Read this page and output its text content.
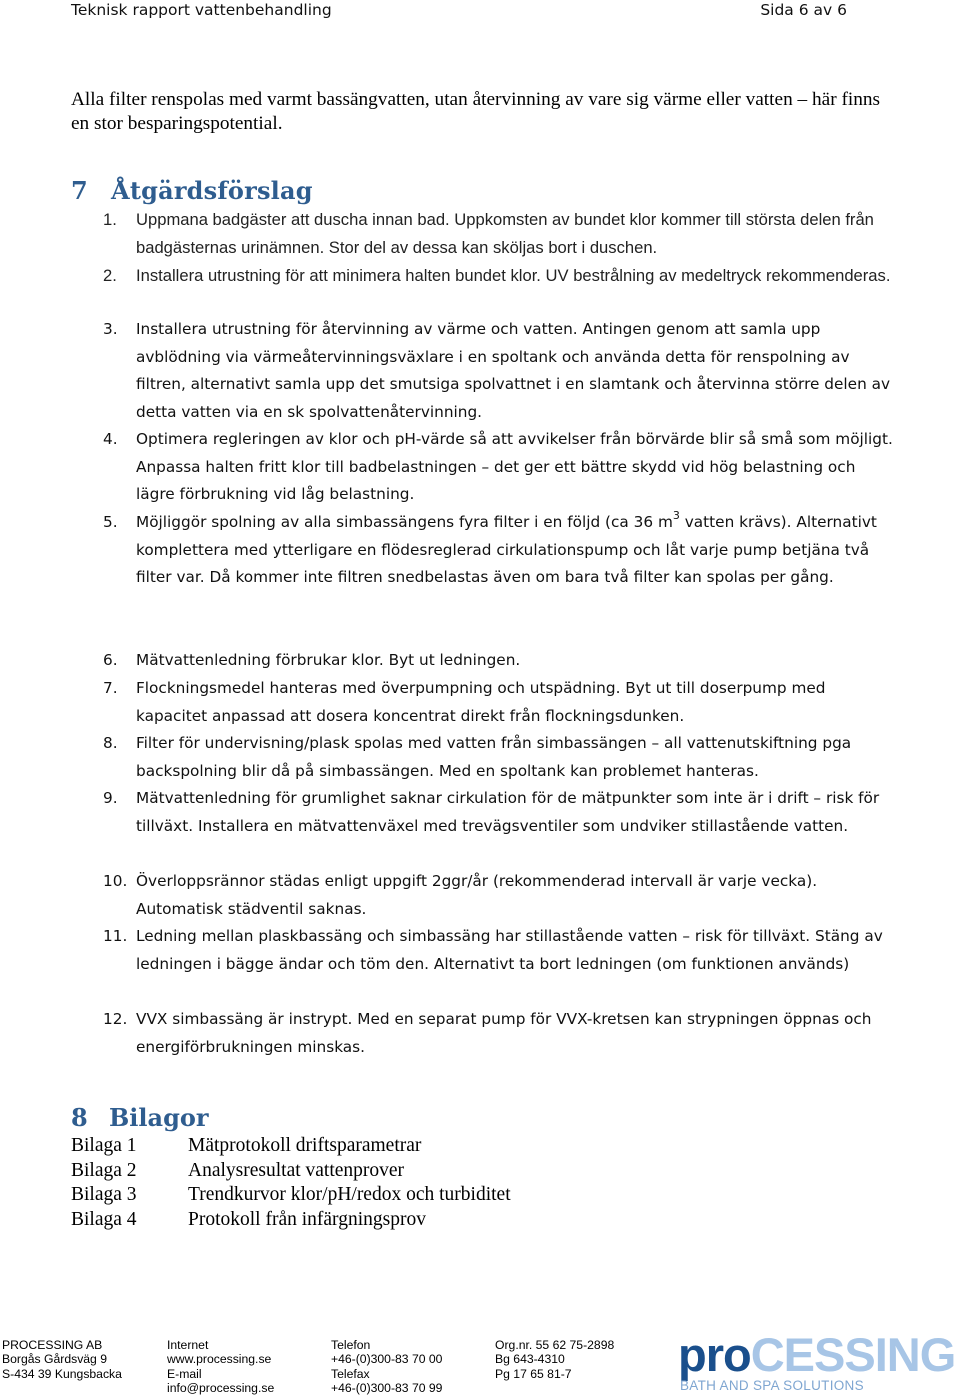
Teknisk rapport vattenbehandling	Sida 6 av 6

Alla filter renspolas med varmt bassängvatten, utan återvinning av vare sig värme eller vatten – här finns en stor besparingspotential.

7 Åtgärdsförslag
1.	Uppmana badgäster att duscha innan bad. Uppkomsten av bundet klor kommer till största delen från badgästernas urinämnen. Stor del av dessa kan sköljas bort i duschen.
2.	Installera utrustning för att minimera halten bundet klor. UV bestrålning av medeltryck rekommenderas.
3.	Installera utrustning för återvinning av värme och vatten. Antingen genom att samla upp avblödning via värmeåtervinningsväxlare i en spoltank och använda detta för renspolning av filtren, alternativt samla upp det smutsiga spolvattnet i en slamtank och återvinna större delen av detta vatten via en sk spolvattenåtervinning.
4.	Optimera regleringen av klor och pH-värde så att avvikelser från börvärde blir så små som möjligt. Anpassa halten fritt klor till badbelastningen – det ger ett bättre skydd vid hög belastning och lägre förbrukning vid låg belastning.
5.	Möjliggör spolning av alla simbassängens fyra filter i en följd (ca 36 $m^3$ vatten krävs). Alternativt komplettera med ytterligare en flödesreglerad cirkulationspump och låt varje pump betjäna två filter var. Då kommer inte filtren snedbelastas även om bara två filter kan spolas per gång.
6.	Mätvattenledning förbrukar klor. Byt ut ledningen.
7.	Flockningsmedel hanteras med överpumpning och utspädning. Byt ut till doserpump med kapacitet anpassad att dosera koncentrat direkt från flockningsdunken.
8.	Filter för undervisning/plask spolas med vatten från simbassängen – all vattenutskiftning pga backspolning blir då på simbassängen. Med en spoltank kan problemet hanteras.
9.	Mätvattenledning för grumlighet saknar cirkulation för de mätpunkter som inte är i drift – risk för tillväxt. Installera en mätvattenväxel med trevägsventiler som undviker stillastående vatten.
10. Överloppsrännor städas enligt uppgift 2ggr/år (rekommenderad intervall är varje vecka). Automatisk städventil saknas.
11. Ledning mellan plaskbassäng och simbassäng har stillastående vatten – risk för tillväxt. Stäng av ledningen i bägge ändar och töm den. Alternativt ta bort ledningen (om funktionen används)
12. VVX simbassäng är instrypt. Med en separat pump för VVX-kretsen kan strypningen öppnas och energiförbrukningen minskas.
8 Bilagor
Bilaga 1	Mätprotokoll driftsparametrar
Bilaga 2	Analysresultat vattenprover
Bilaga 3	Trendkurvor klor/pH/redox och turbiditet
Bilaga 4	Protokoll från infärgningsprov
PROCESSING AB
Borgås Gårdsväg 9
S-434 39 Kungsbacka
Internet
www.processing.se
E-mail
info@processing.se
Telefon
+46-(0)300-83 70 00
Telefax
+46-(0)300-83 70 99
Org.nr. 55 62 75-2898
Bg 643-4310
Pg 17 65 81-7	proCESSING
BATH AND SPA SOLUTIONS
